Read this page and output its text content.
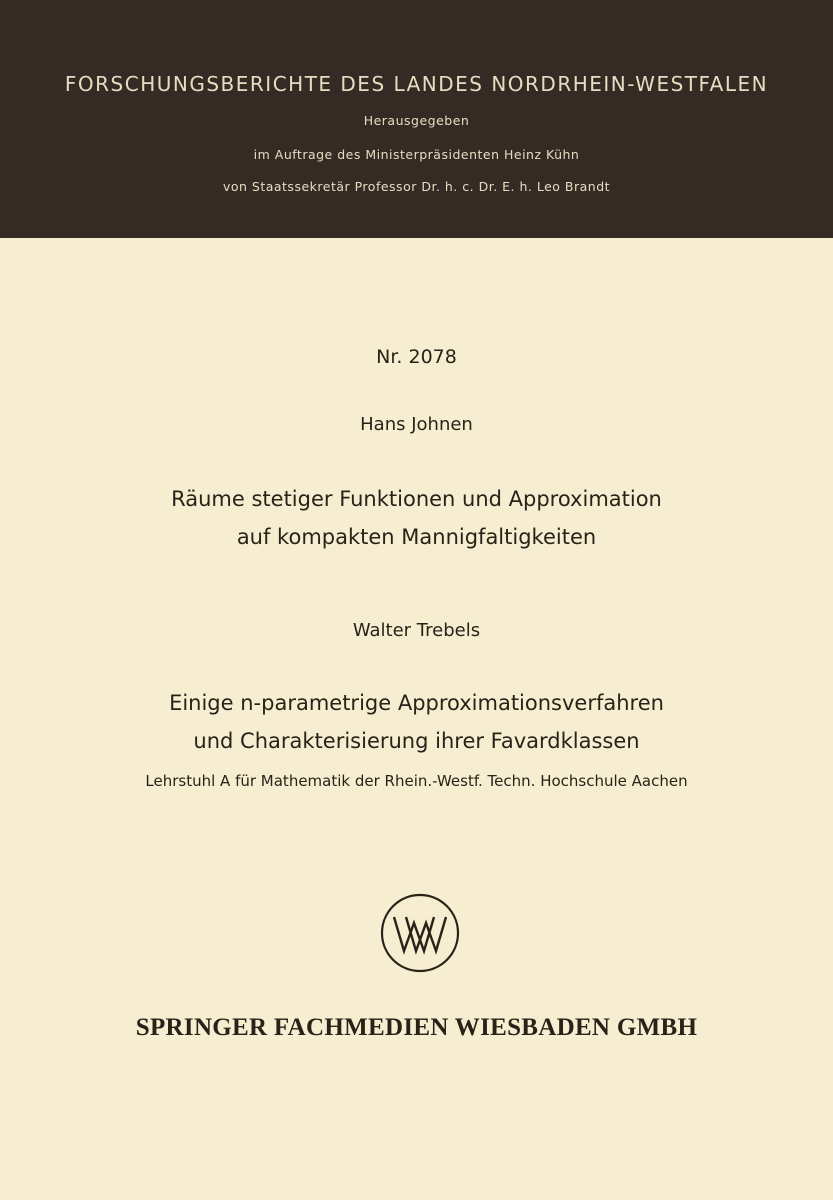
FORSCHUNGSBERICHTE DES LANDES NORDRHEIN-WESTFALEN
Herausgegeben
im Auftrage des Ministerpräsidenten Heinz Kühn
von Staatssekretär Professor Dr. h. c. Dr. E. h. Leo Brandt
Nr. 2078
Hans Johnen
Räume stetiger Funktionen und Approximation
auf kompakten Mannigfaltigkeiten
Walter Trebels
Einige n-parametrige Approximationsverfahren
und Charakterisierung ihrer Favardklassen
Lehrstuhl A für Mathematik der Rhein.-Westf. Techn. Hochschule Aachen
SPRINGER FACHMEDIEN WIESBADEN GMBH
